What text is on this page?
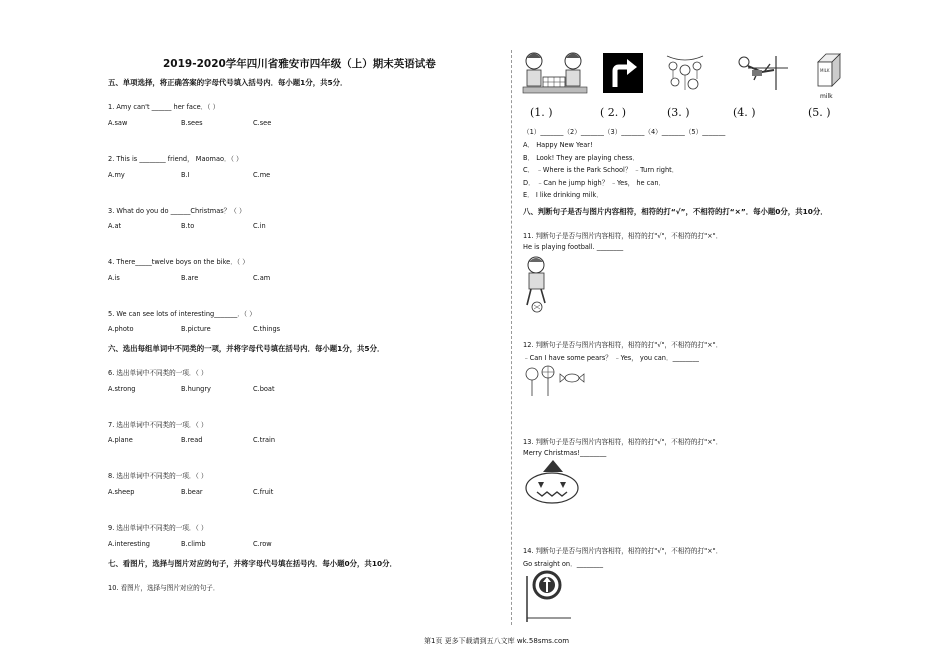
2019-2020学年四川省雅安市四年级（上）期末英语试卷
五、单项选择，将正确答案的字母代号填入括号内．每小题1分，共5分．
1. Amy can't ______ her face．（ ）
A.saw	B.sees	C.see
2. This is ________ friend， Maomao．（ ）
A.my	B.I	C.me
3. What do you do ______Christmas？（ ）
A.at	B.to	C.in
4. There_____twelve boys on the bike．（ ）
A.is	B.are	C.am
5. We can see lots of interesting_______．（ ）
A.photo	B.picture	C.things
六、选出每组单词中不同类的一项，并将字母代号填在括号内．每小题1分，共5分．
6. 选出单词中不同类的一项．（ ）
A.strong	B.hungry	C.boat
7. 选出单词中不同类的一项．（ ）
A.plane	B.read	C.train
8. 选出单词中不同类的一项．（ ）
A.sheep	B.bear	C.fruit
9. 选出单词中不同类的一项．（ ）
A.interesting	B.climb	C.row
七、看图片，选择与图片对应的句子，并将字母代号填在括号内．每小题0分，共10分．
10. 看图片，选择与图片对应的句子．
MILK
milk
(1. )	( 2. )	(3. )	(4. )	(5. )
（1）_______（2）_______（3）_______（4）_______（5）_______
A． Happy New Year!
B． Look! They are playing chess．
C． ﹣Where is the Park School？ ﹣Turn right．
D． ﹣Can he jump high？ ﹣Yes， he can．
E． I like drinking milk．
八、判断句子是否与图片内容相符，相符的打“√”，不相符的打“×”．每小题0分，共10分．
11. 判断句子是否与图片内容相符，相符的打"√"，不相符的打"×"．
He is playing football. ________
12. 判断句子是否与图片内容相符，相符的打"√"，不相符的打"×"．
﹣Can I have some pears？ ﹣Yes， you can．________
13. 判断句子是否与图片内容相符，相符的打"√"，不相符的打"×"．
Merry Christmas!________
14. 判断句子是否与图片内容相符，相符的打"√"，不相符的打"×"．
Go straight on．________
第1页 更多下载请到五八文库 wk.58sms.com
